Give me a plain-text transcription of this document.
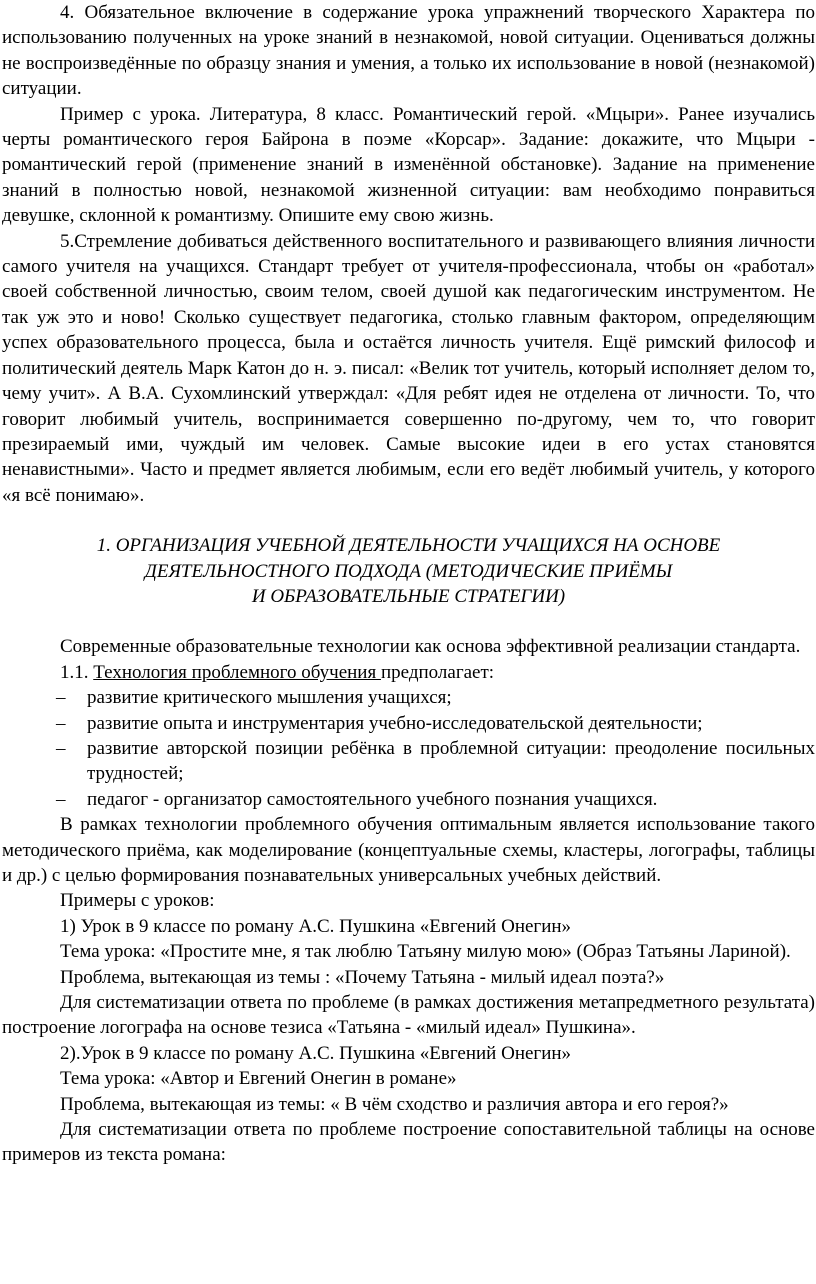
4. Обязательное включение в содержание урока упражнений творческого Характера по использованию полученных на уроке знаний в незнакомой, новой ситуации. Оцениваться должны не воспроизведённые по образцу знания и умения, а только их использование в новой (незнакомой) ситуации.

Пример с урока. Литература, 8 класс. Романтический герой. «Мцыри». Ранее изучались черты романтического героя Байрона в поэме «Корсар». Задание: докажите, что Мцыри - романтический герой (применение знаний в изменённой обстановке). Задание на применение знаний в полностью новой, незнакомой жизненной ситуации: вам необходимо понравиться девушке, склонной к романтизму. Опишите ему свою жизнь.

5.Стремление добиваться действенного воспитательного и развивающего влияния личности самого учителя на учащихся. Стандарт требует от учителя-профессионала, чтобы он «работал» своей собственной личностью, своим телом, своей душой как педагогическим инструментом. Не так уж это и ново! Сколько существует педагогика, столько главным фактором, определяющим успех образовательного процесса, была и остаётся личность учителя. Ещё римский философ и политический деятель Марк Катон до н. э. писал: «Велик тот учитель, который исполняет делом то, чему учит». А В.А. Сухомлинский утверждал: «Для ребят идея не отделена от личности. То, что говорит любимый учитель, воспринимается совершенно по-другому, чем то, что говорит презираемый ими, чуждый им человек. Самые высокие идеи в его устах становятся ненавистными». Часто и предмет является любимым, если его ведёт любимый учитель, у которого «я всё понимаю».

1. ОРГАНИЗАЦИЯ УЧЕБНОЙ ДЕЯТЕЛЬНОСТИ УЧАЩИХСЯ НА ОСНОВЕ
ДЕЯТЕЛЬНОСТНОГО ПОДХОДА (МЕТОДИЧЕСКИЕ ПРИЁМЫ
И ОБРАЗОВАТЕЛЬНЫЕ СТРАТЕГИИ)

Современные образовательные технологии как основа эффективной реализации стандарта.

1.1. Технология проблемного обучения предполагает:

– развитие критического мышления учащихся;
– развитие опыта и инструментария учебно-исследовательской деятельности;
– развитие авторской позиции ребёнка в проблемной ситуации: преодоление посильных трудностей;
– педагог - организатор самостоятельного учебного познания учащихся.

В рамках технологии проблемного обучения оптимальным является использование такого методического приёма, как моделирование (концептуальные схемы, кластеры, логографы, таблицы и др.) с целью формирования познавательных универсальных учебных действий.

Примеры с уроков:

1) Урок в 9 классе по роману А.С. Пушкина «Евгений Онегин»

Тема урока: «Простите мне, я так люблю Татьяну милую мою» (Образ Татьяны Лариной).

Проблема, вытекающая из темы : «Почему Татьяна - милый идеал поэта?»

Для систематизации ответа по проблеме (в рамках достижения метапредметного результата) построение логографа на основе тезиса «Татьяна - «милый идеал» Пушкина».

2).Урок в 9 классе по роману А.С. Пушкина «Евгений Онегин»

Тема урока: «Автор и Евгений Онегин в романе»

Проблема, вытекающая из темы: « В чём сходство и различия автора и его героя?»

Для систематизации ответа по проблеме построение сопоставительной таблицы на основе примеров из текста романа:
